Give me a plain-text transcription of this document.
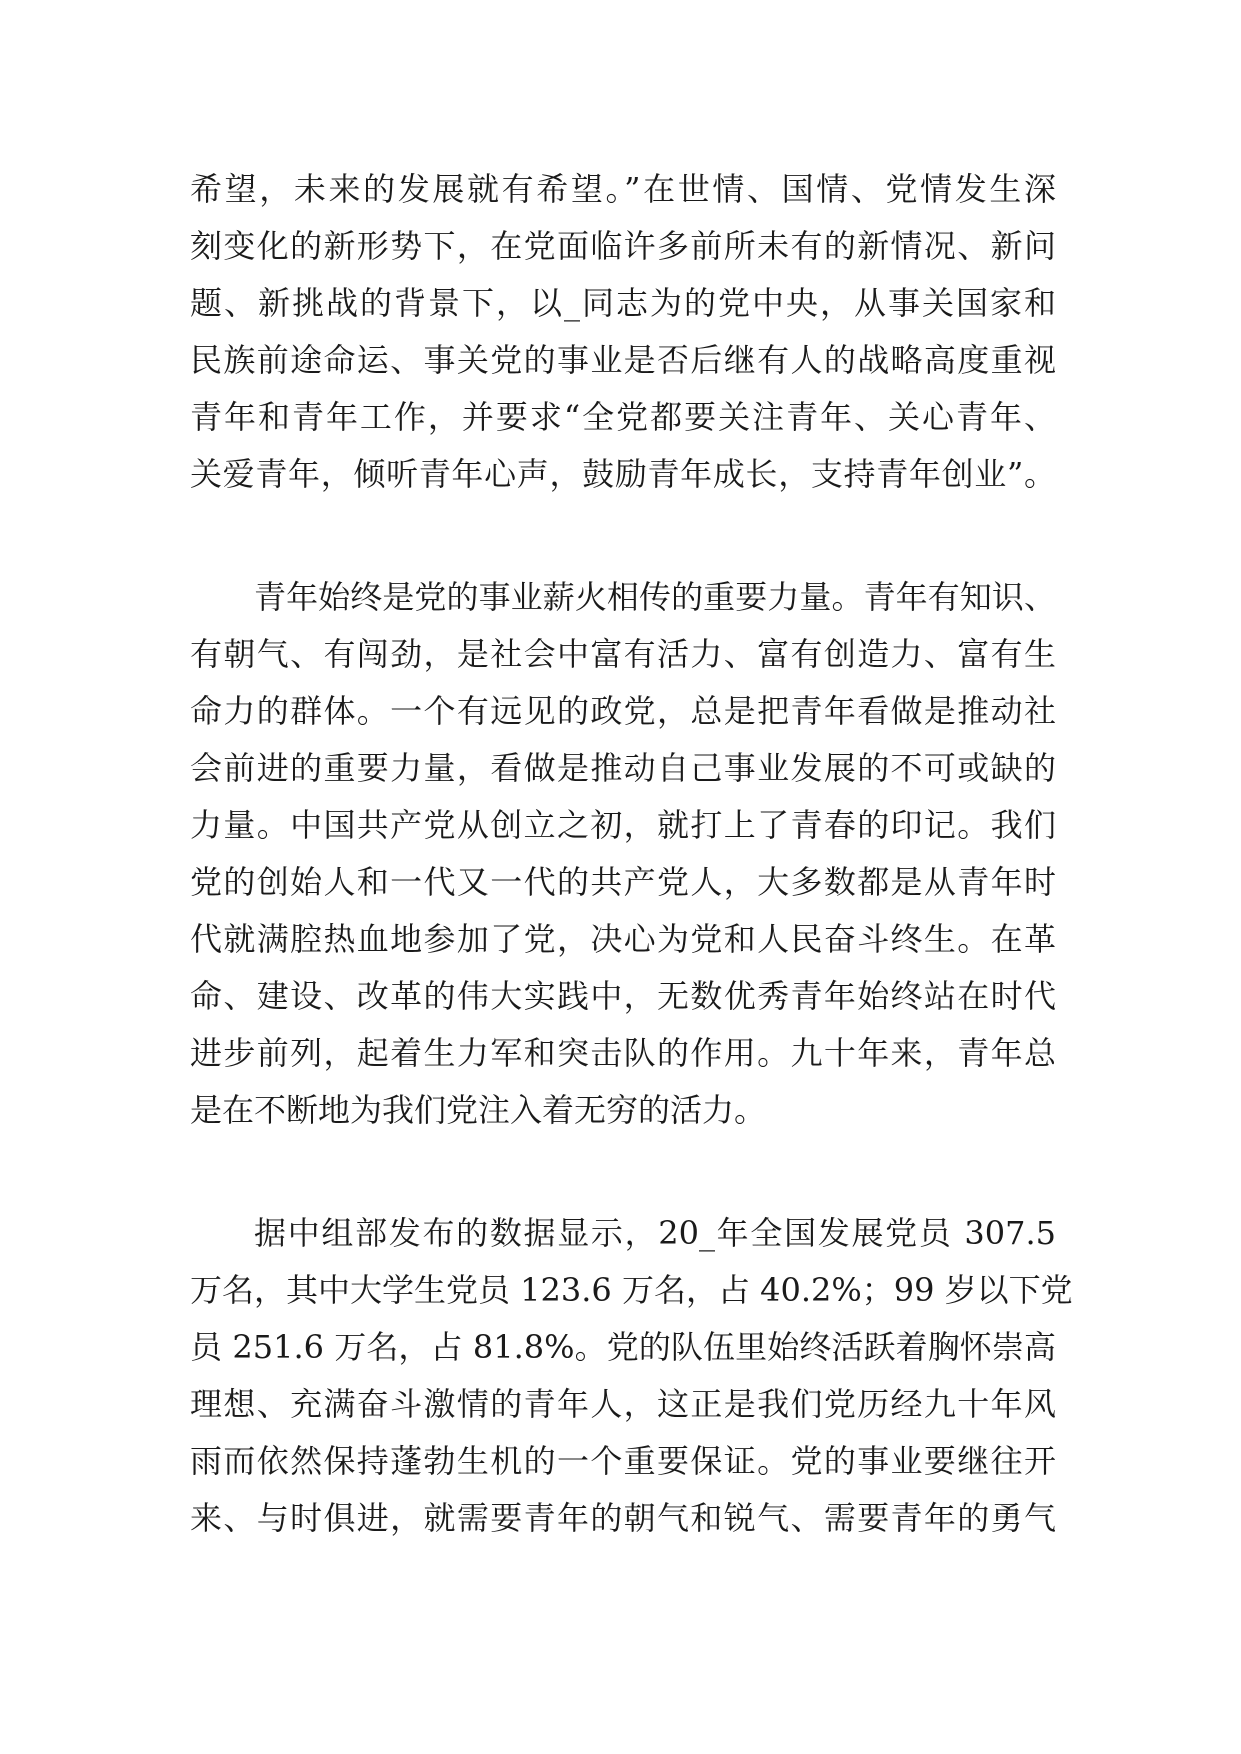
希望，未来的发展就有希望。”在世情、国情、党情发生深
刻变化的新形势下，在党面临许多前所未有的新情况、新问
题、新挑战的背景下，以_同志为的党中央，从事关国家和
民族前途命运、事关党的事业是否后继有人的战略高度重视
青年和青年工作，并要求“全党都要关注青年、关心青年、
关爱青年，倾听青年心声，鼓励青年成长，支持青年创业”。
青年始终是党的事业薪火相传的重要力量。青年有知识、
有朝气、有闯劲，是社会中富有活力、富有创造力、富有生
命力的群体。一个有远见的政党，总是把青年看做是推动社
会前进的重要力量，看做是推动自己事业发展的不可或缺的
力量。中国共产党从创立之初，就打上了青春的印记。我们
党的创始人和一代又一代的共产党人，大多数都是从青年时
代就满腔热血地参加了党，决心为党和人民奋斗终生。在革
命、建设、改革的伟大实践中，无数优秀青年始终站在时代
进步前列，起着生力军和突击队的作用。九十年来，青年总
是在不断地为我们党注入着无穷的活力。
据中组部发布的数据显示，20_年全国发展党员 307.5
万名，其中大学生党员 123.6 万名，占 40.2%；99 岁以下党
员 251.6 万名，占 81.8%。党的队伍里始终活跃着胸怀崇高
理想、充满奋斗激情的青年人，这正是我们党历经九十年风
雨而依然保持蓬勃生机的一个重要保证。党的事业要继往开
来、与时俱进，就需要青年的朝气和锐气、需要青年的勇气
